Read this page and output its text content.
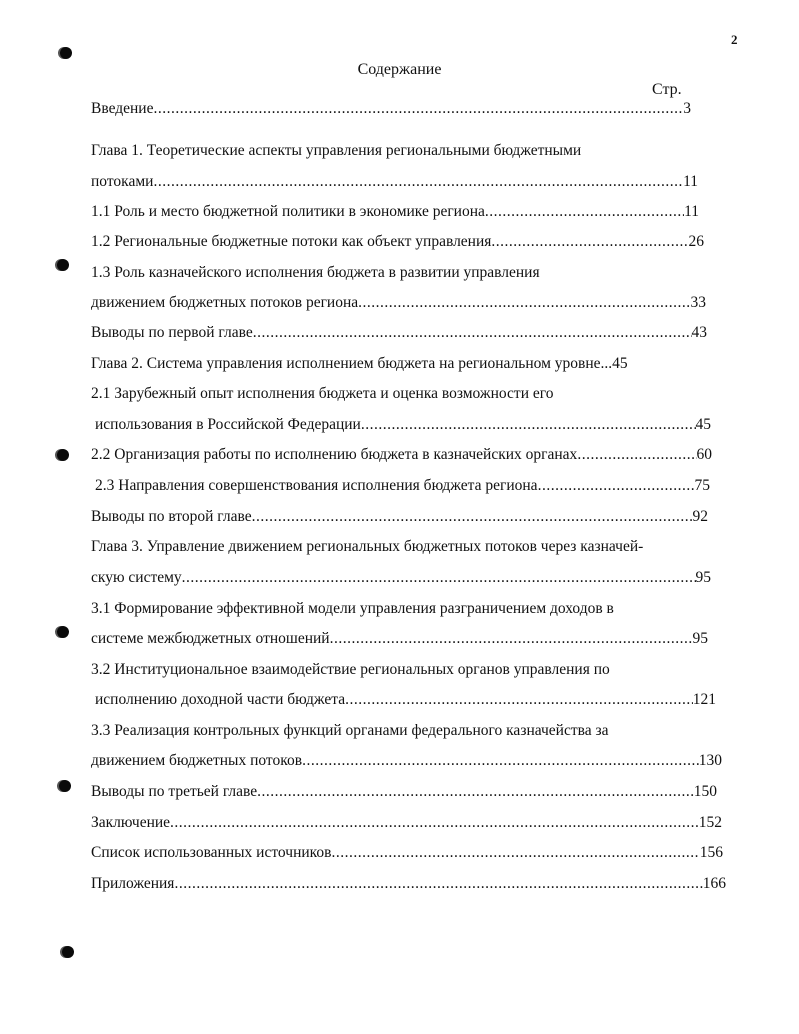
2
Содержание
Стр.
Введение .....	3
Глава 1. Теоретические аспекты управления региональными бюджетными
потоками .....	11
1.1 Роль и место бюджетной политики в экономике региона .....	11
1.2 Региональные бюджетные потоки как объект управления .....	26
1.3 Роль казначейского исполнения бюджета в развитии управления
движением бюджетных потоков региона .....	33
Выводы по первой главе .....	43
Глава 2. Система управления исполнением бюджета на региональном уровне ... 45
2.1 Зарубежный опыт исполнения бюджета и оценка возможности его
использования в Российской Федерации .....	45
2.2 Организация работы по исполнению бюджета в казначейских органах .....	60
2.3 Направления совершенствования исполнения бюджета региона .....	75
Выводы по второй главе .....	92
Глава 3. Управление движением региональных бюджетных потоков через казначей-
скую систему .....	95
3.1 Формирование эффективной модели управления разграничением доходов в
системе межбюджетных отношений .....	95
3.2 Институциональное взаимодействие региональных органов управления по
исполнению доходной части бюджета .....	121
3.3 Реализация контрольных функций органами федерального казначейства за
движением бюджетных потоков .....	130
Выводы по третьей главе .....	150
Заключение .....	152
Список использованных источников .....	156
Приложения .....	166
